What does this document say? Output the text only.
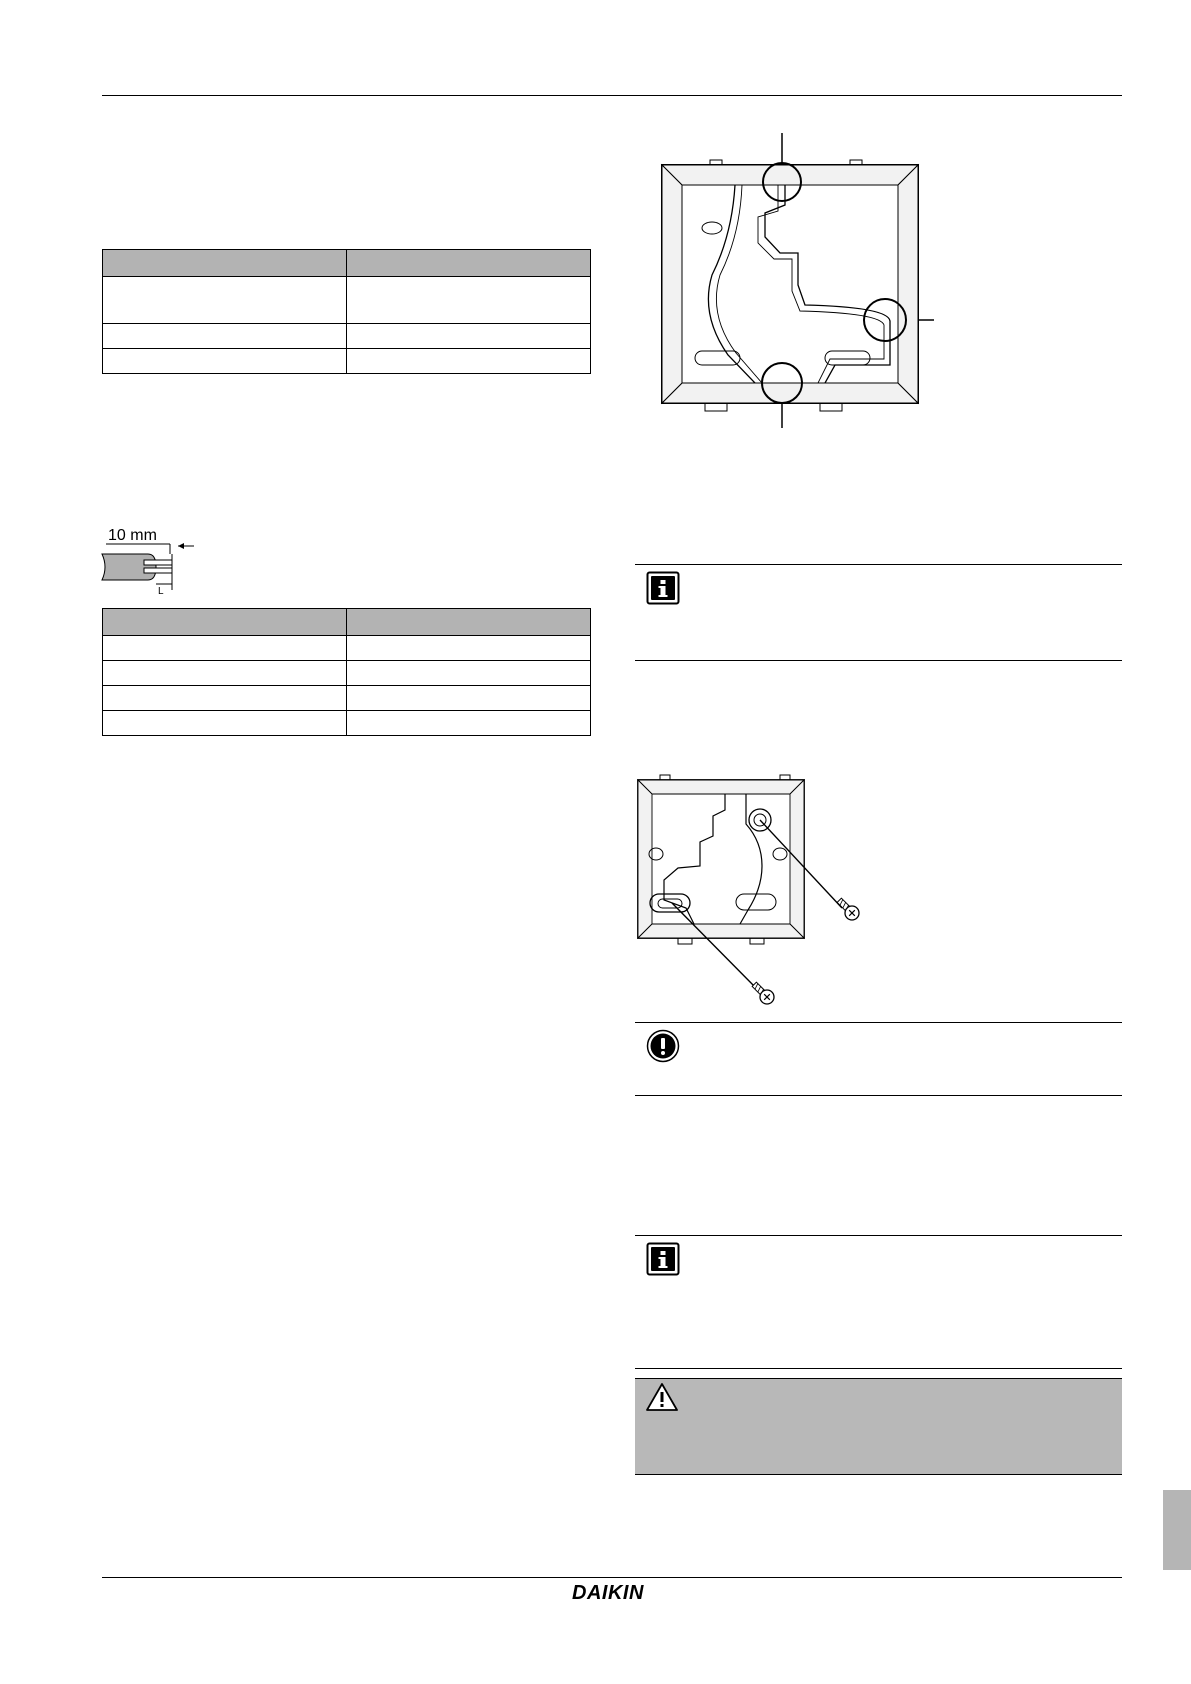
10 mm
L

DAIKIN
